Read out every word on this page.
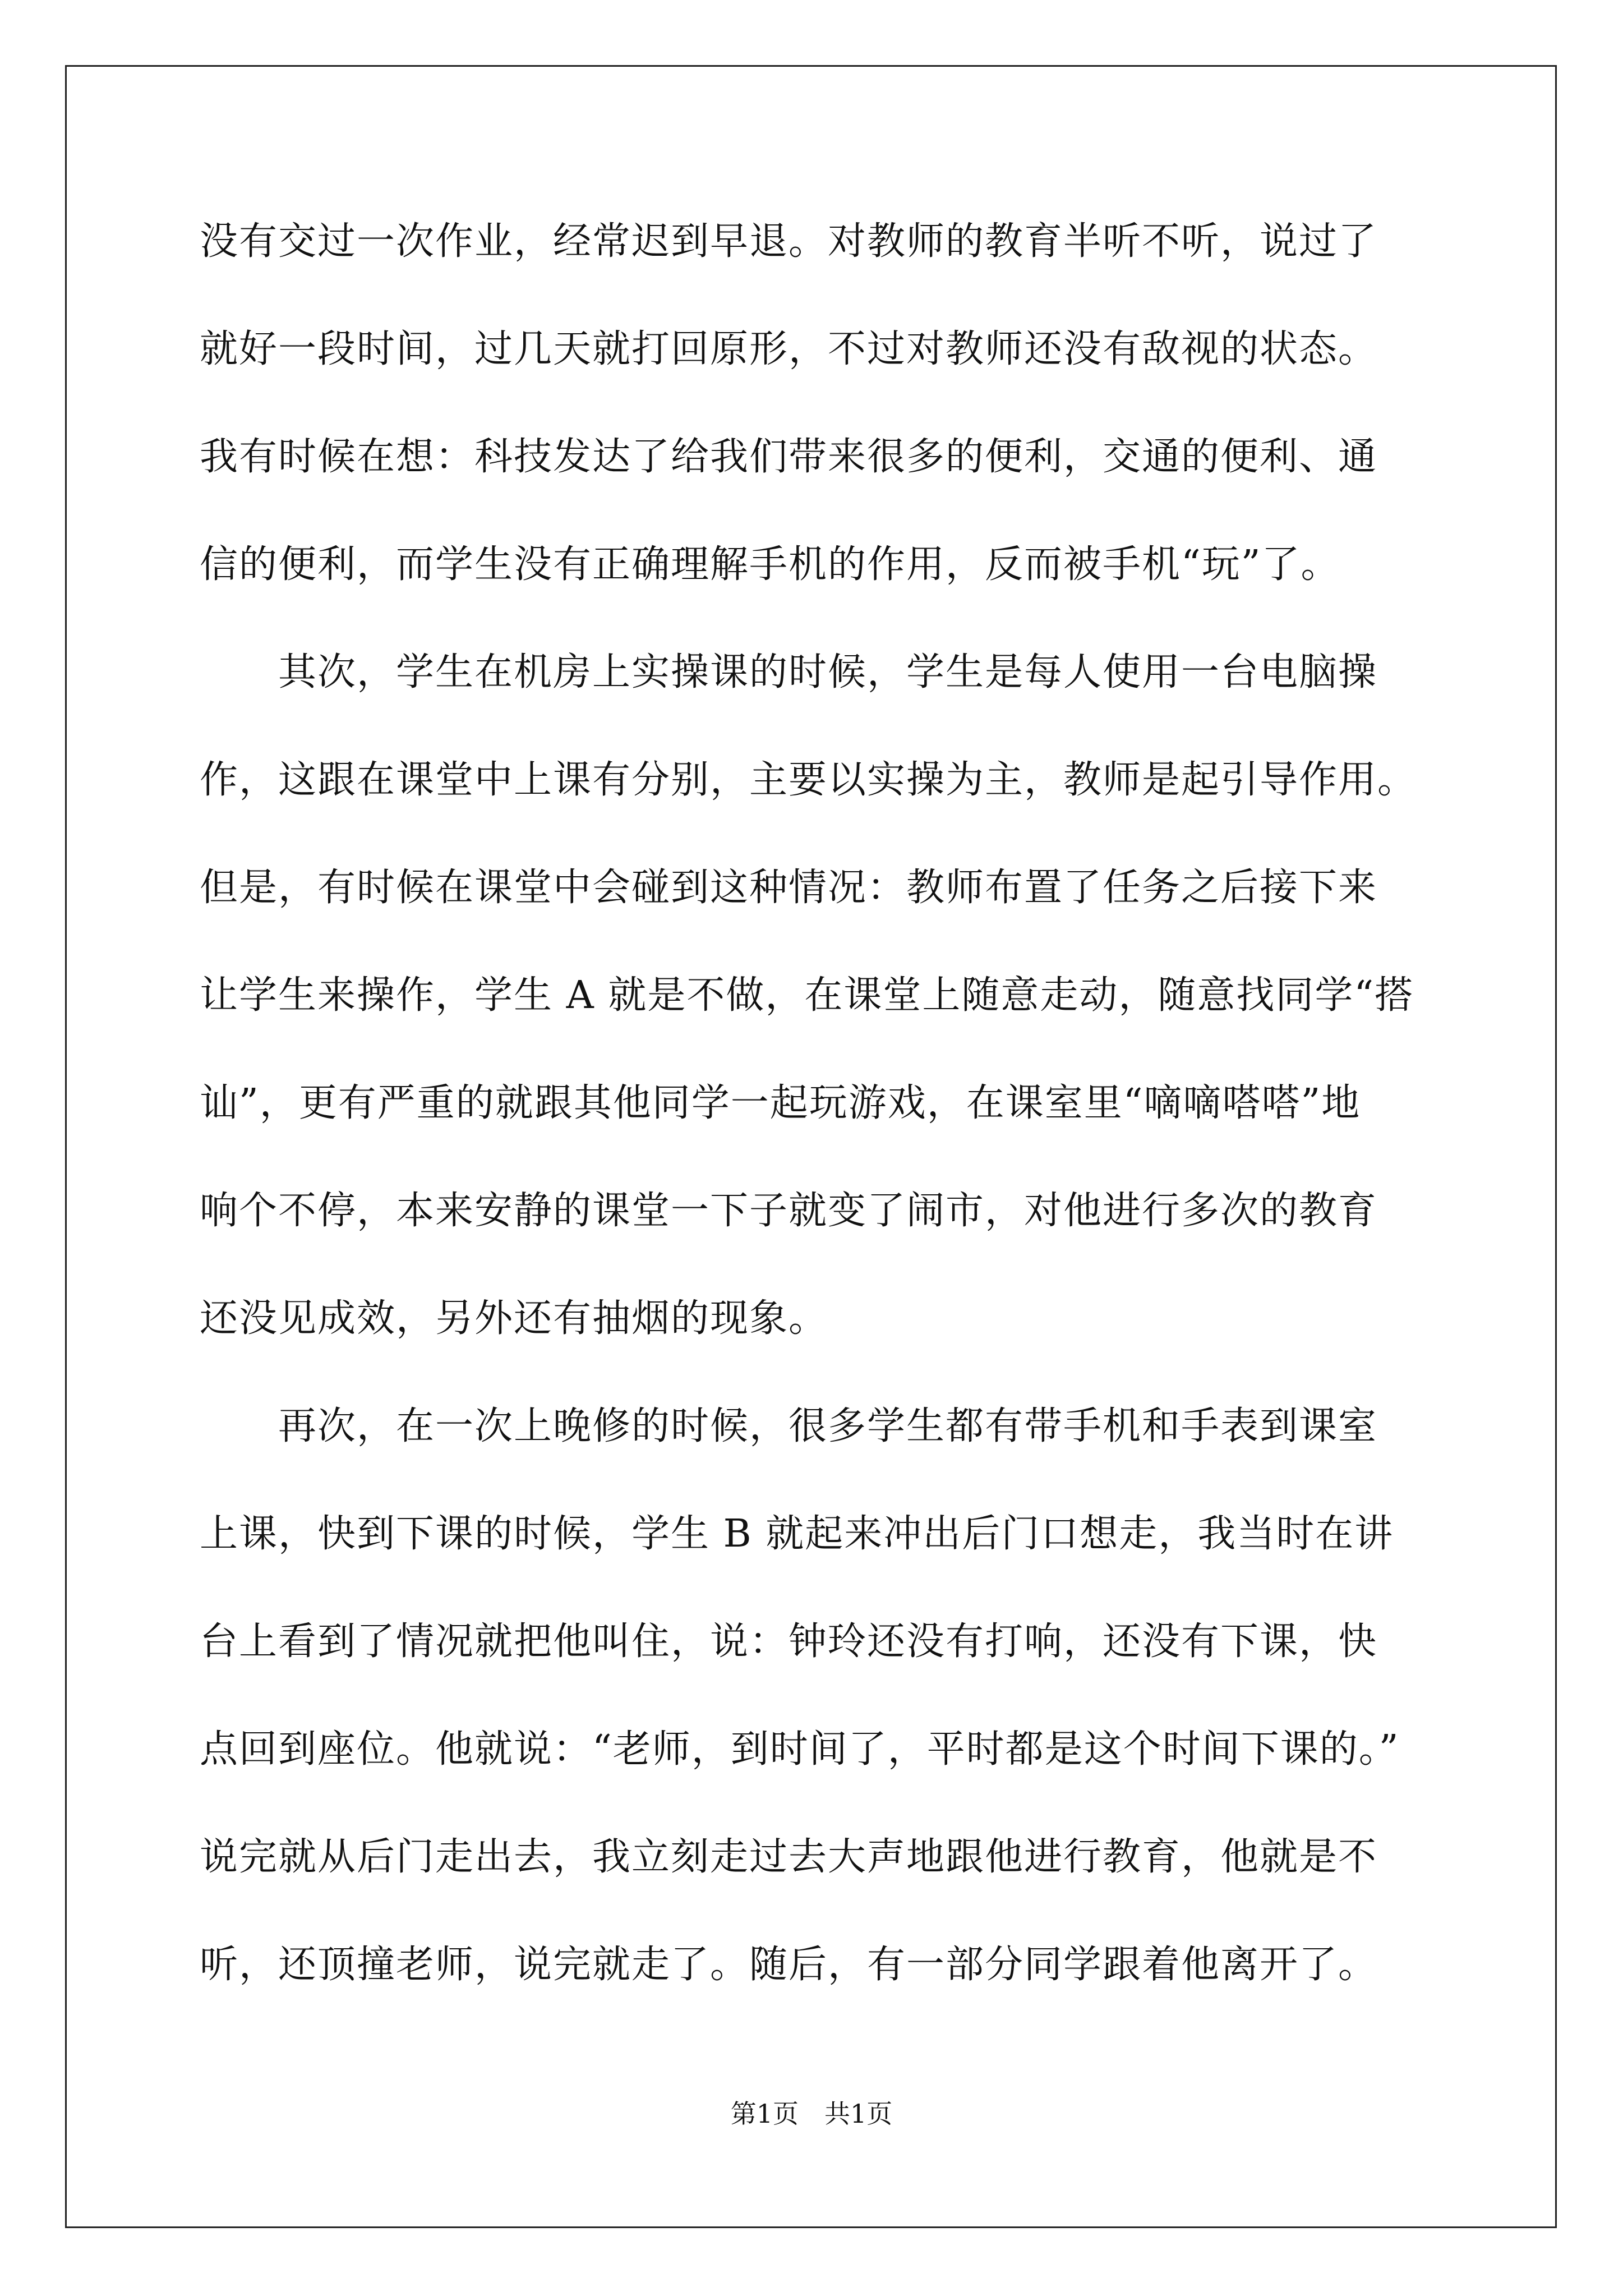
没有交过一次作业，经常迟到早退。对教师的教育半听不听，说过了
就好一段时间，过几天就打回原形，不过对教师还没有敌视的状态。
我有时候在想：科技发达了给我们带来很多的便利，交通的便利、通
信的便利，而学生没有正确理解手机的作用，反而被手机“玩”了。
其次，学生在机房上实操课的时候，学生是每人使用一台电脑操
作，这跟在课堂中上课有分别，主要以实操为主，教师是起引导作用。
但是，有时候在课堂中会碰到这种情况：教师布置了任务之后接下来
让学生来操作，学生 A 就是不做，在课堂上随意走动，随意找同学“搭
讪”，更有严重的就跟其他同学一起玩游戏，在课室里“嘀嘀嗒嗒”地
响个不停，本来安静的课堂一下子就变了闹市，对他进行多次的教育
还没见成效，另外还有抽烟的现象。
再次，在一次上晚修的时候，很多学生都有带手机和手表到课室
上课，快到下课的时候，学生 B 就起来冲出后门口想走，我当时在讲
台上看到了情况就把他叫住，说：钟玲还没有打响，还没有下课，快
点回到座位。他就说：“老师，到时间了，平时都是这个时间下课的。”
说完就从后门走出去，我立刻走过去大声地跟他进行教育，他就是不
听，还顶撞老师，说完就走了。随后，有一部分同学跟着他离开了。
第1页 共1页
